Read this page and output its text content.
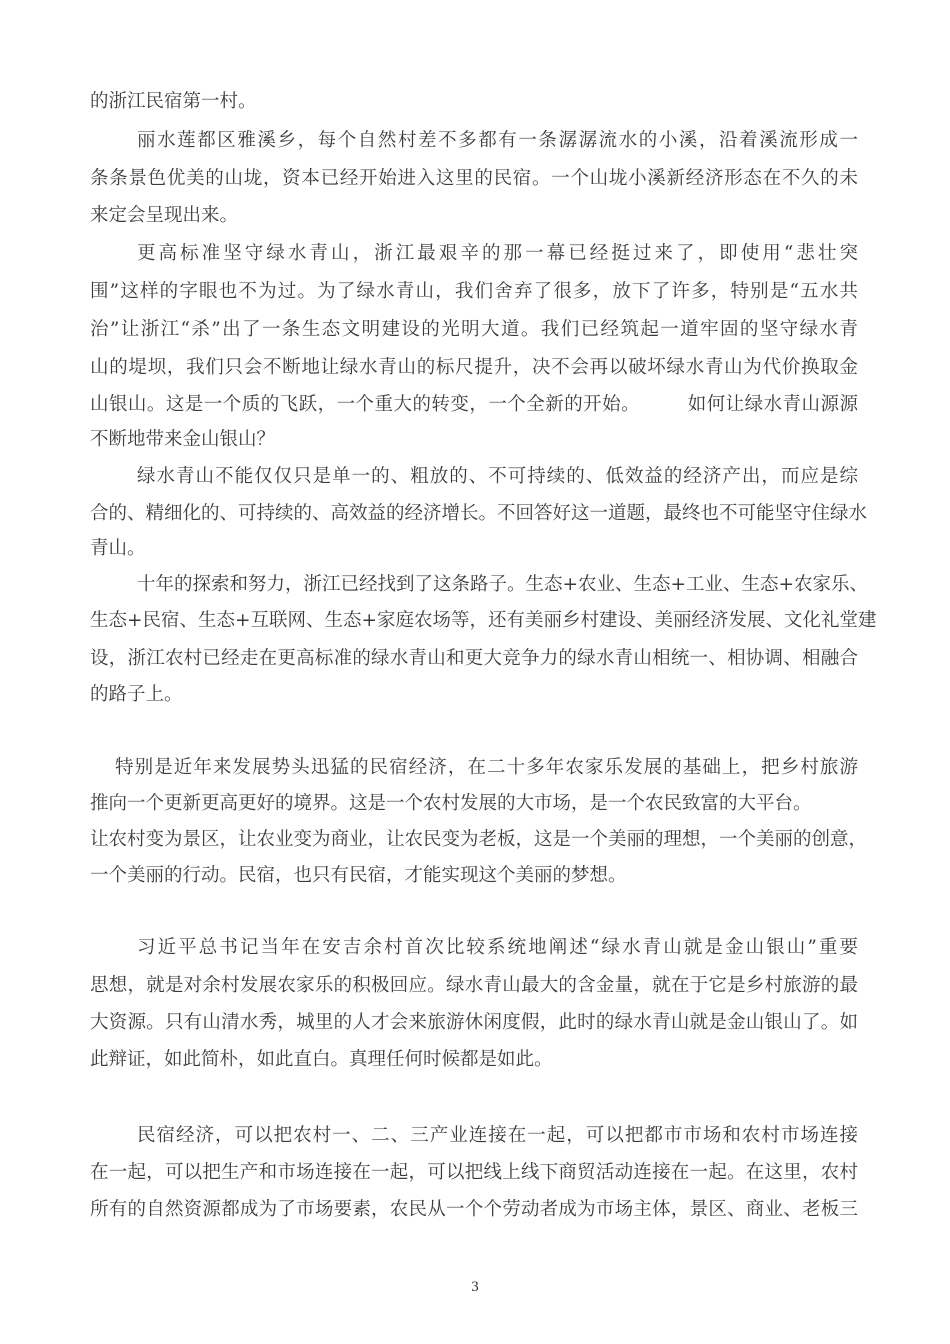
的浙江民宿第一村。
丽水莲都区雅溪乡，每个自然村差不多都有一条潺潺流水的小溪，沿着溪流形成一
条条景色优美的山垅，资本已经开始进入这里的民宿。一个山垅小溪新经济形态在不久的未
来定会呈现出来。
更高标准坚守绿水青山，浙江最艰辛的那一幕已经挺过来了，即使用“悲壮突
围”这样的字眼也不为过。为了绿水青山，我们舍弃了很多，放下了许多，特别是“五水共
治”让浙江“杀”出了一条生态文明建设的光明大道。我们已经筑起一道牢固的坚守绿水青
山的堤坝，我们只会不断地让绿水青山的标尺提升，决不会再以破坏绿水青山为代价换取金
山银山。这是一个质的飞跃，一个重大的转变，一个全新的开始。　　　如何让绿水青山源源
不断地带来金山银山？
绿水青山不能仅仅只是单一的、粗放的、不可持续的、低效益的经济产出，而应是综
合的、精细化的、可持续的、高效益的经济增长。不回答好这一道题，最终也不可能坚守住绿水
青山。
十年的探索和努力，浙江已经找到了这条路子。生态+农业、生态+工业、生态+农家乐、
生态+民宿、生态+互联网、生态+家庭农场等，还有美丽乡村建设、美丽经济发展、文化礼堂建
设，浙江农村已经走在更高标准的绿水青山和更大竞争力的绿水青山相统一、相协调、相融合
的路子上。
特别是近年来发展势头迅猛的民宿经济，在二十多年农家乐发展的基础上，把乡村旅游
推向一个更新更高更好的境界。这是一个农村发展的大市场，是一个农民致富的大平台。
让农村变为景区，让农业变为商业，让农民变为老板，这是一个美丽的理想，一个美丽的创意，
一个美丽的行动。民宿，也只有民宿，才能实现这个美丽的梦想。
习近平总书记当年在安吉余村首次比较系统地阐述“绿水青山就是金山银山”重要
思想，就是对余村发展农家乐的积极回应。绿水青山最大的含金量，就在于它是乡村旅游的最
大资源。只有山清水秀，城里的人才会来旅游休闲度假，此时的绿水青山就是金山银山了。如
此辩证，如此简朴，如此直白。真理任何时候都是如此。
民宿经济，可以把农村一、二、三产业连接在一起，可以把都市市场和农村市场连接
在一起，可以把生产和市场连接在一起，可以把线上线下商贸活动连接在一起。在这里，农村
所有的自然资源都成为了市场要素，农民从一个个劳动者成为市场主体，景区、商业、老板三
3
